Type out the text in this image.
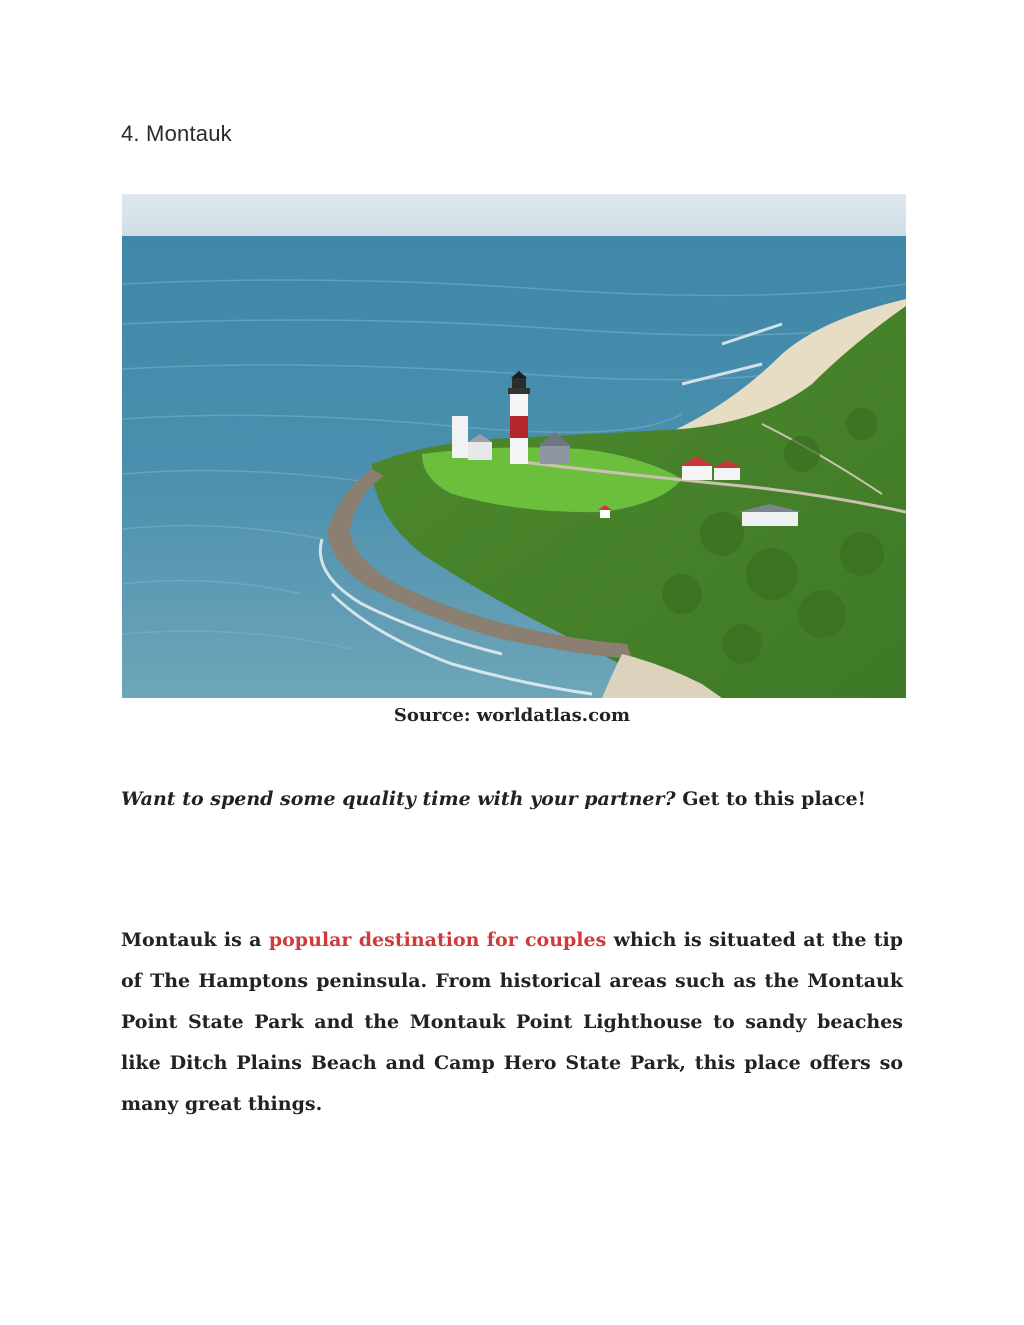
4. Montauk
Source: worldatlas.com

Want to spend some quality time with your partner? Get to this place!

Montauk is a popular destination for couples which is situated at the tip of The Hamptons peninsula. From historical areas such as the Montauk Point State Park and the Montauk Point Lighthouse to sandy beaches like Ditch Plains Beach and Camp Hero State Park, this place offers so many great things.
